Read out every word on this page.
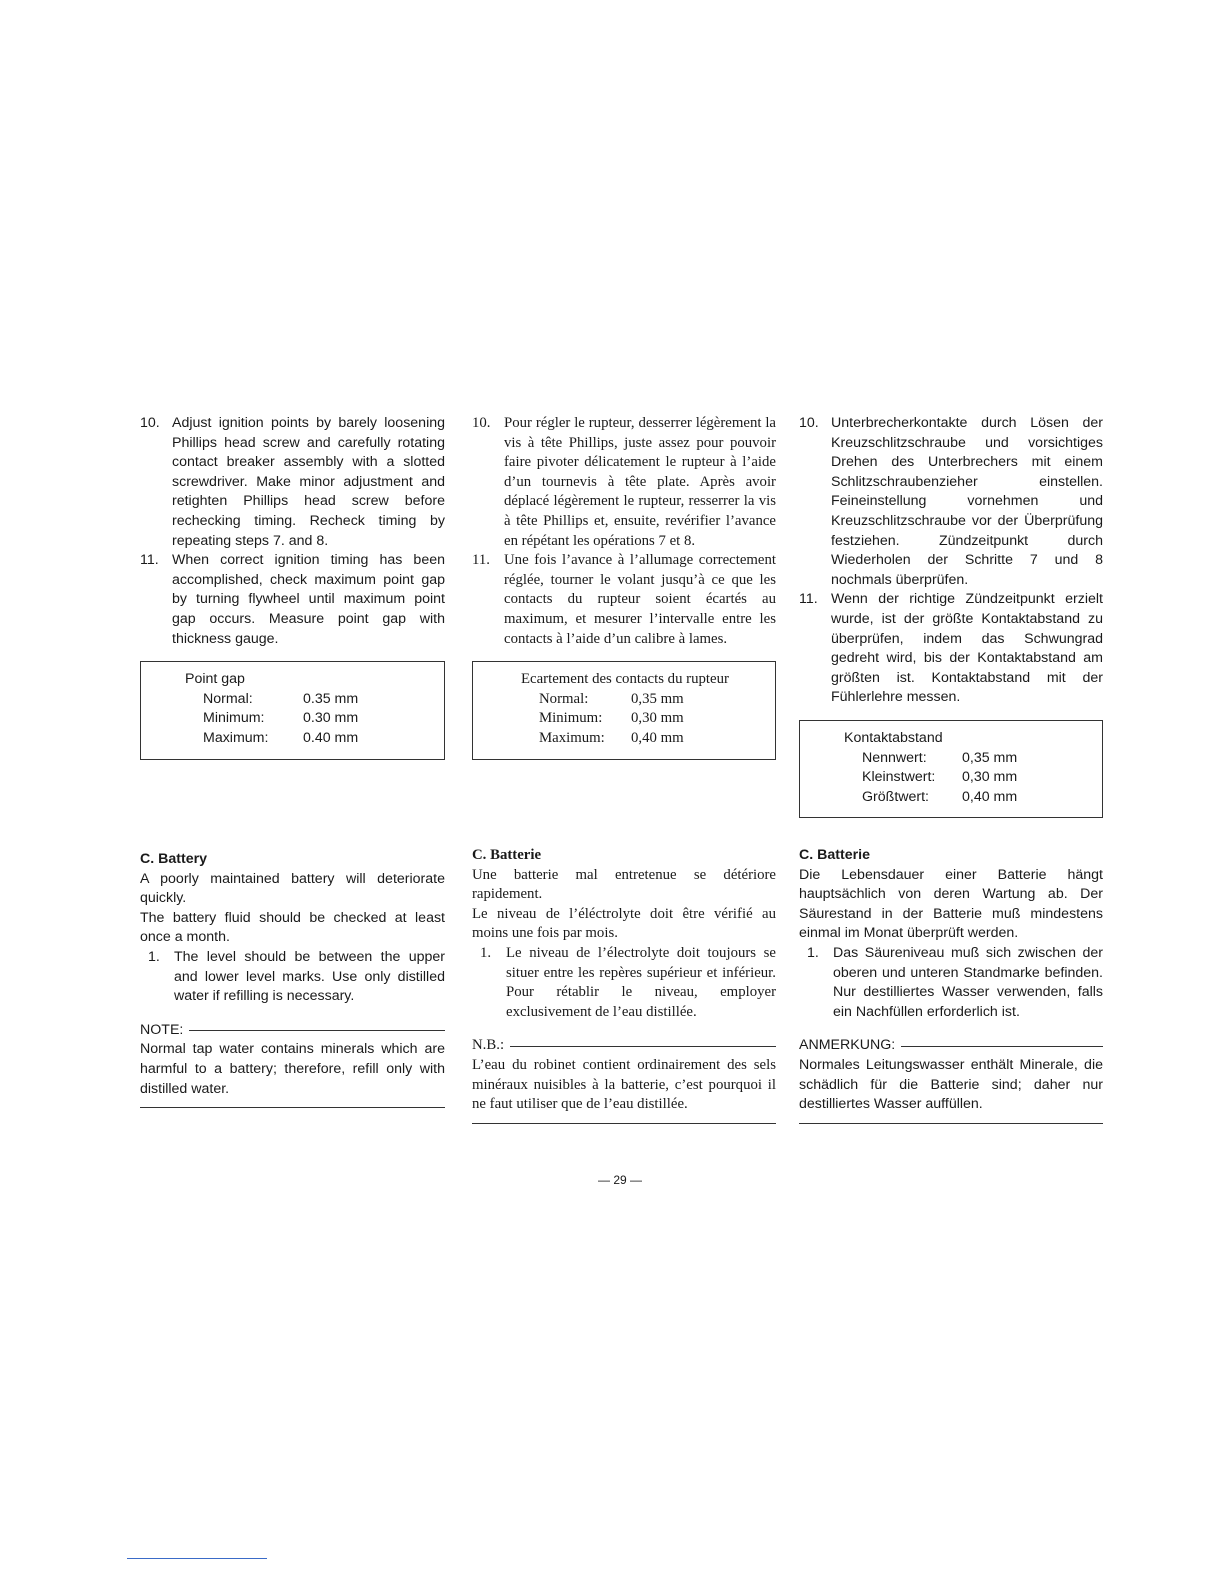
10. Adjust ignition points by barely loosening Phillips head screw and carefully rotating contact breaker assembly with a slotted screwdriver. Make minor adjustment and retighten Phillips head screw before rechecking timing. Recheck timing by repeating steps 7. and 8.
11. When correct ignition timing has been accomplished, check maximum point gap by turning flywheel until maximum point gap occurs. Measure point gap with thickness gauge.
Point gap
Normal:	0.35 mm
Minimum:	0.30 mm
Maximum:	0.40 mm
10. Pour régler le rupteur, desserrer légèrement la vis à tête Phillips, juste assez pour pouvoir faire pivoter délicatement le rupteur à l’aide d’un tournevis à tête plate. Après avoir déplacé légèrement le rupteur, resserrer la vis à tête Phillips et, ensuite, revérifier l’avance en répétant les opérations 7 et 8.
11. Une fois l’avance à l’allumage correctement réglée, tourner le volant jusqu’à ce que les contacts du rupteur soient écartés au maximum, et mesurer l’intervalle entre les contacts à l’aide d’un calibre à lames.
Ecartement des contacts du rupteur
Normal:	0,35 mm
Minimum:	0,30 mm
Maximum:	0,40 mm
10. Unterbrecherkontakte durch Lösen der Kreuzschlitzschraube und vorsichtiges Drehen des Unterbrechers mit einem Schlitzschraubenzieher einstellen. Feineinstellung vornehmen und Kreuzschlitzschraube vor der Überprüfung festziehen. Zündzeitpunkt durch Wiederholen der Schritte 7 und 8 nochmals überprüfen.
11. Wenn der richtige Zündzeitpunkt erzielt wurde, ist der größte Kontaktabstand zu überprüfen, indem das Schwungrad gedreht wird, bis der Kontaktabstand am größten ist. Kontaktabstand mit der Fühlerlehre messen.
Kontaktabstand
Nennwert:	0,35 mm
Kleinstwert:	0,30 mm
Größtwert:	0,40 mm
C. Battery
A poorly maintained battery will deteriorate quickly.
The battery fluid should be checked at least once a month.
1. The level should be between the upper and lower level marks. Use only distilled water if refilling is necessary.
NOTE:
Normal tap water contains minerals which are harmful to a battery; therefore, refill only with distilled water.
C. Batterie
Une batterie mal entretenue se détériore rapidement.
Le niveau de l’éléctrolyte doit être vérifié au moins une fois par mois.
1.	Le niveau de l’électrolyte doit toujours se situer entre les repères supérieur et inférieur. Pour rétablir le niveau, employer exclusivement de l’eau distillée.
N.B.:
L’eau du robinet contient ordinairement des sels minéraux nuisibles à la batterie, c’est pourquoi il ne faut utiliser que de l’eau distillée.
C. Batterie
Die Lebensdauer einer Batterie hängt hauptsächlich von deren Wartung ab. Der Säurestand in der Batterie muß mindestens einmal im Monat überprüft werden.
1. Das Säureniveau muß sich zwischen der oberen und unteren Standmarke befinden. Nur destilliertes Wasser verwenden, falls ein Nachfüllen erforderlich ist.
ANMERKUNG:
Normales Leitungswasser enthält Minerale, die schädlich für die Batterie sind; daher nur destilliertes Wasser auffüllen.
— 29 —
